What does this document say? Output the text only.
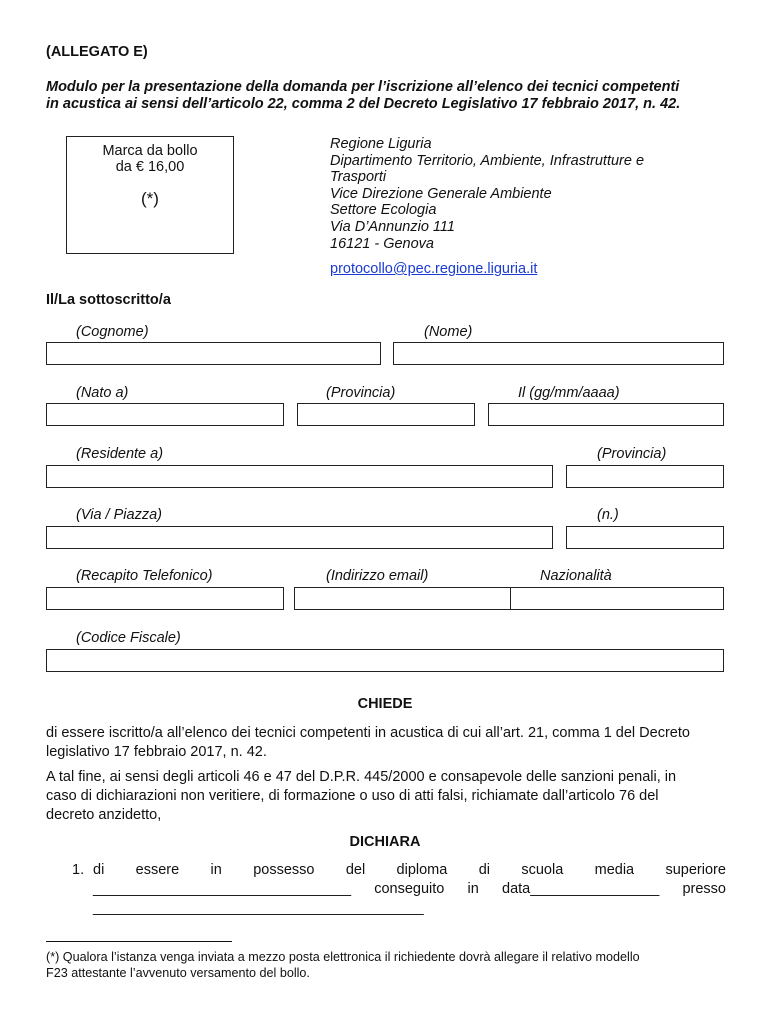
(ALLEGATO E)
Modulo per la presentazione della domanda per l’iscrizione all’elenco dei tecnici competenti
in acustica ai sensi dell’articolo 22, comma 2 del Decreto Legislativo 17 febbraio 2017, n. 42.
Marca da bollo
da € 16,00
(*)
Regione Liguria
Dipartimento Territorio, Ambiente, Infrastrutture e
Trasporti
Vice Direzione Generale Ambiente
Settore Ecologia
Via D’Annunzio 111
16121 - Genova
protocollo@pec.regione.liguria.it
Il/La sottoscritto/a
(Cognome)	(Nome)
(Nato a)	(Provincia)	Il (gg/mm/aaaa)
(Residente a)	(Provincia)
(Via / Piazza)	(n.)
(Recapito Telefonico)	(Indirizzo email)	Nazionalità
(Codice Fiscale)
CHIEDE
di essere iscritto/a all’elenco dei tecnici competenti in acustica di cui all’art. 21, comma 1 del Decreto
legislativo 17 febbraio 2017, n. 42.
A tal fine, ai sensi degli articoli 46 e 47 del D.P.R. 445/2000 e consapevole delle sanzioni penali, in
caso di dichiarazioni non veritiere, di formazione o uso di atti falsi, richiamate dall’articolo 76 del
decreto anzidetto,
DICHIARA
1. di essere in possesso del diploma di scuola media superiore
________________________________ conseguito in data________________ presso
_________________________________________
(*) Qualora l’istanza venga inviata a mezzo posta elettronica il richiedente dovrà allegare il relativo modello
F23 attestante l’avvenuto versamento del bollo.
